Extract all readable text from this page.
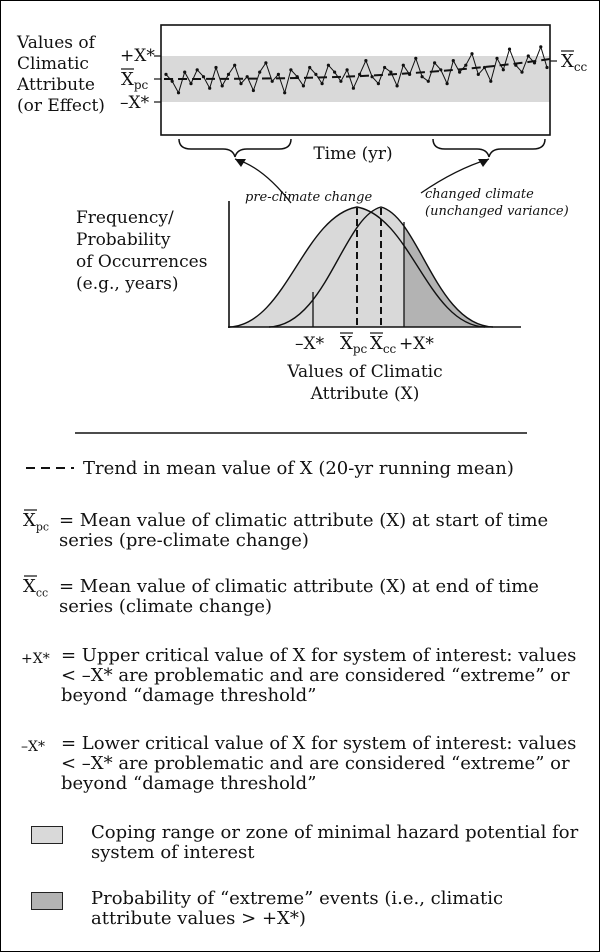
Values of
Climatic
Attribute
(or Effect)
+X*
$X_{pc}$
–X*
$X_{cc}$
Time (yr)
Frequency/
Probability
of Occurrences
(e.g., years)
pre-climate change	changed climate
(unchanged variance)
–X* $X_{pc}$ $X_{cc} +X*$
Values of Climatic
Attribute (X)
Trend in mean value of X (20-yr running mean)
$X_{pc}$ = Mean value of climatic attribute (X) at start of time series (pre-climate change)
$X_{cc}$ = Mean value of climatic attribute (X) at end of time series (climate change)
+X* = Upper critical value of X for system of interest: values < –X* are problematic and are considered “extreme” or beyond “damage threshold”
–X* = Lower critical value of X for system of interest: values < –X* are problematic and are considered “extreme” or beyond “damage threshold”
Coping range or zone of minimal hazard potential for system of interest
Probability of “extreme” events (i.e., climatic attribute values > +X*)
